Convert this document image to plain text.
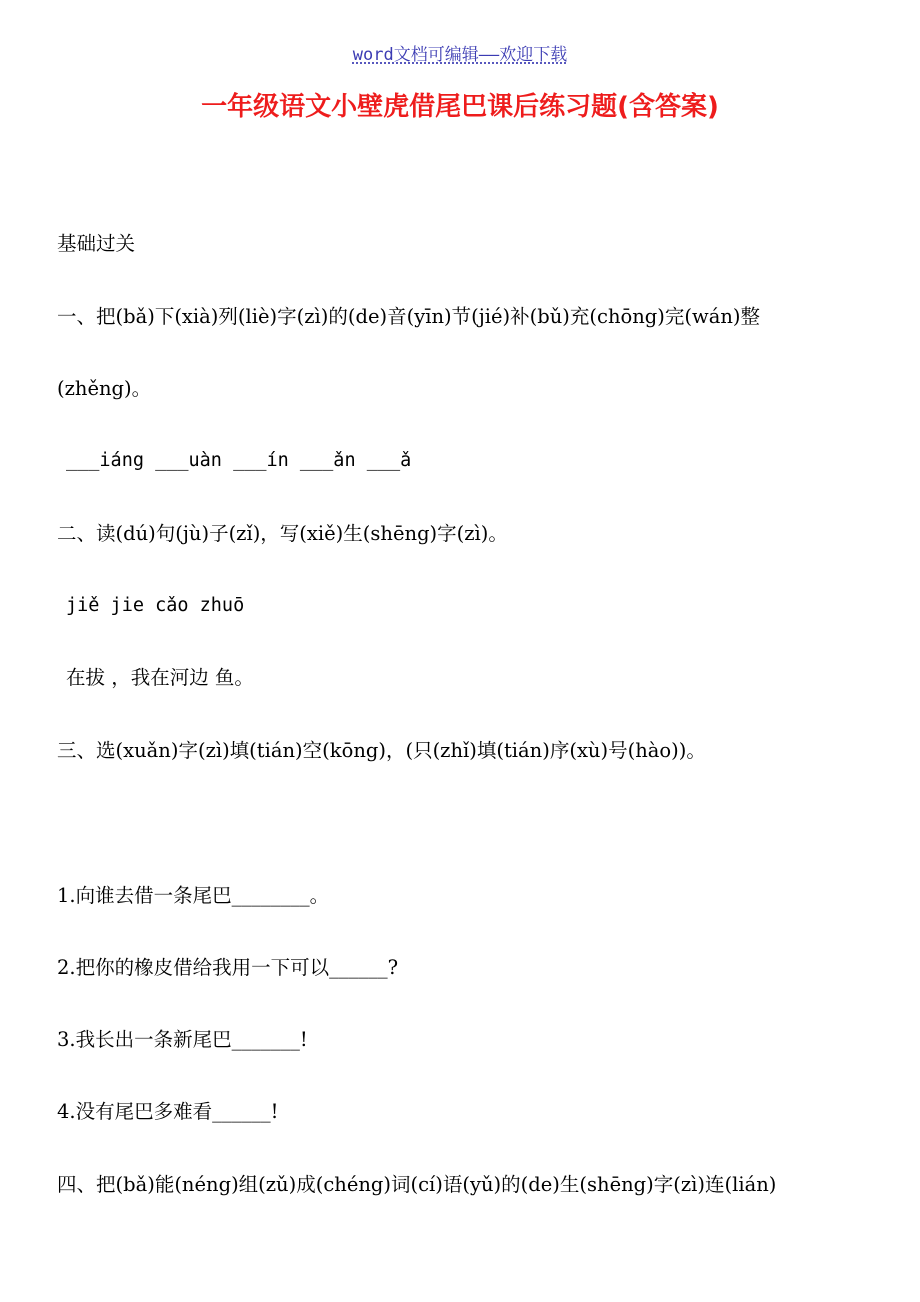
word文档可编辑——欢迎下载
一年级语文小壁虎借尾巴课后练习题(含答案)
基础过关
一、把(bǎ)下(xià)列(liè)字(zì)的(de)音(yīn)节(jié)补(bǔ)充(chōng)完(wán)整
(zhěng)。
___iáng ___uàn ___ín ___ǎn ___ǎ
二、读(dú)句(jù)子(zǐ)，写(xiě)生(shēng)字(zì)。
jiě jie cǎo zhuō
在拔 ，我在河边 鱼。
三、选(xuǎn)字(zì)填(tián)空(kōng)，(只(zhǐ)填(tián)序(xù)号(hào))。
1.向谁去借一条尾巴________。
2.把你的橡皮借给我用一下可以______?
3.我长出一条新尾巴_______!
4.没有尾巴多难看______!
四、把(bǎ)能(néng)组(zǔ)成(chéng)词(cí)语(yǔ)的(de)生(shēng)字(zì)连(lián)
